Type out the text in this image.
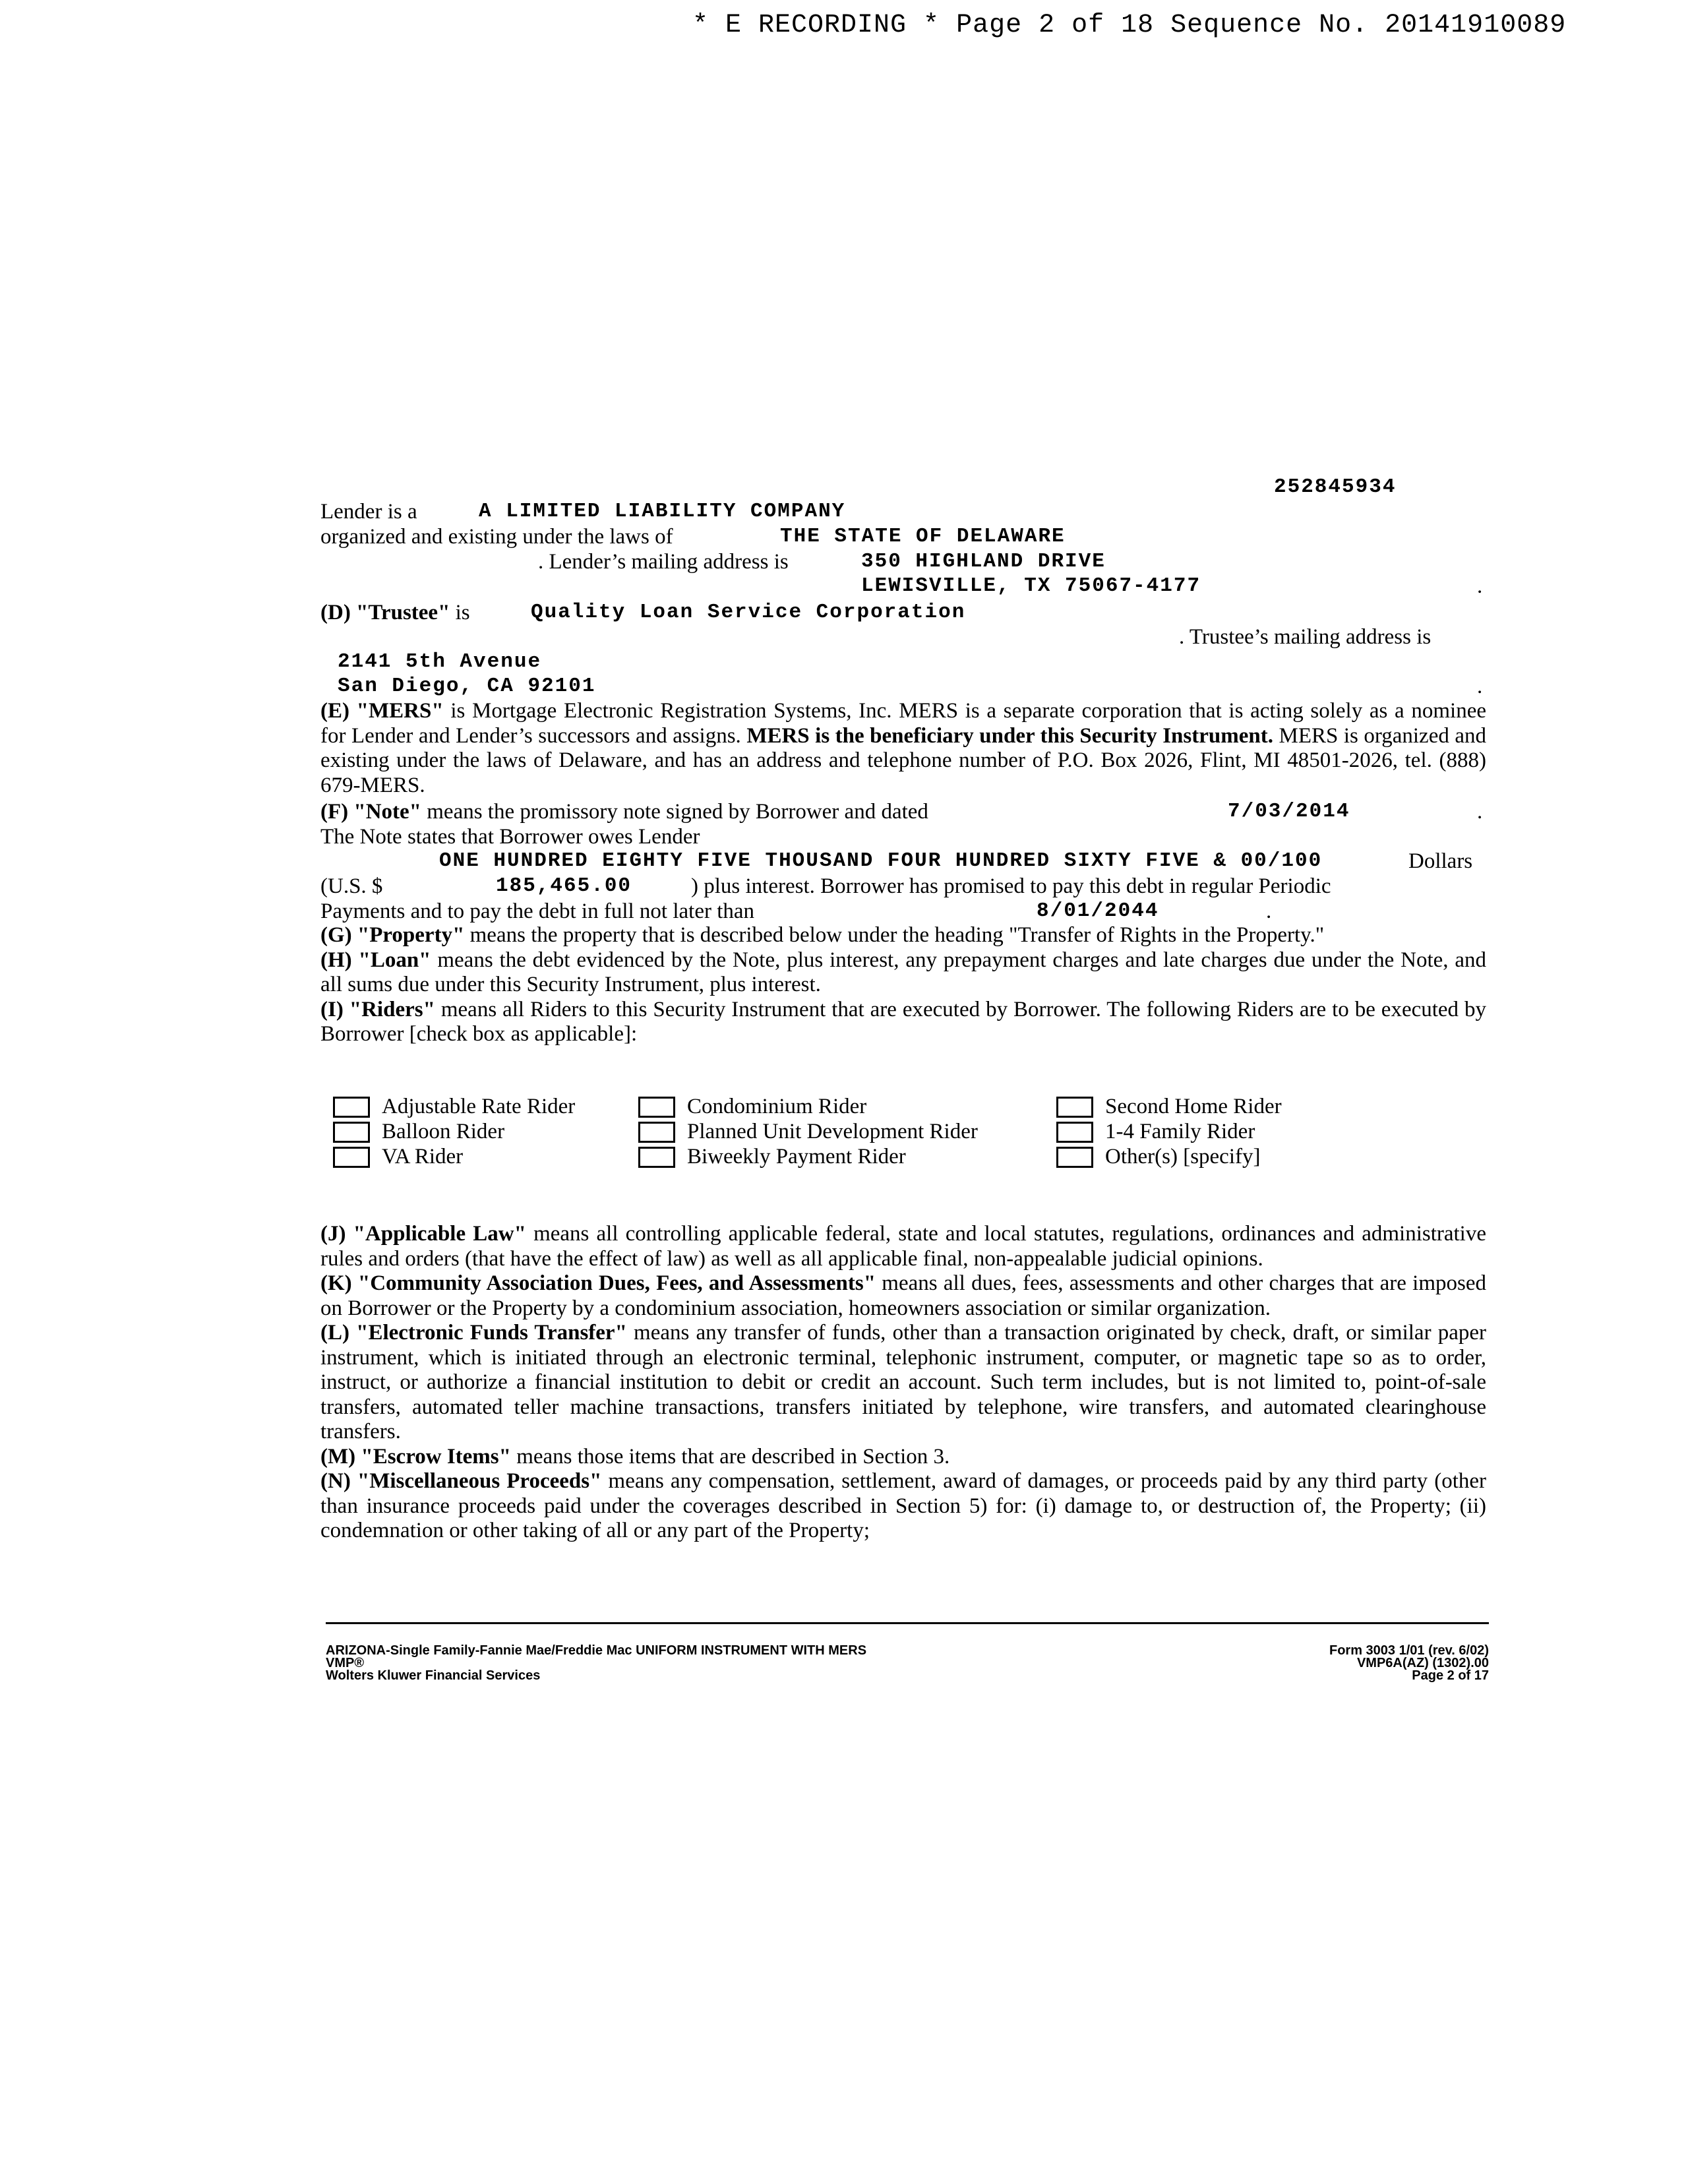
* E RECORDING * Page 2 of 18 Sequence No. 20141910089
252845934
Lender is a	A LIMITED LIABILITY COMPANY
organized and existing under the laws of	THE STATE OF DELAWARE
. Lender’s mailing address is	350 HIGHLAND DRIVE
LEWISVILLE, TX 75067-4177	.
(D) "Trustee" is	Quality Loan Service Corporation
. Trustee’s mailing address is
2141 5th Avenue
San Diego, CA 92101	.

(E) "MERS" is Mortgage Electronic Registration Systems, Inc. MERS is a separate corporation that is acting solely as a nominee for Lender and Lender’s successors and assigns. MERS is the beneficiary under this Security Instrument. MERS is organized and existing under the laws of Delaware, and has an address and telephone number of P.O. Box 2026, Flint, MI 48501-2026, tel. (888) 679-MERS.

(F) "Note" means the promissory note signed by Borrower and dated	7/03/2014	.
The Note states that Borrower owes Lender
ONE HUNDRED EIGHTY FIVE THOUSAND FOUR HUNDRED SIXTY FIVE & 00/100	Dollars
(U.S. $	185,465.00	) plus interest. Borrower has promised to pay this debt in regular Periodic
Payments and to pay the debt in full not later than	8/01/2044	.

(G) "Property" means the property that is described below under the heading "Transfer of Rights in the Property."

(H) "Loan" means the debt evidenced by the Note, plus interest, any prepayment charges and late charges due under the Note, and all sums due under this Security Instrument, plus interest.

(I) "Riders" means all Riders to this Security Instrument that are executed by Borrower. The following Riders are to be executed by Borrower [check box as applicable]:

Adjustable Rate Rider
Balloon Rider
VA Rider
Condominium Rider
Planned Unit Development Rider
Biweekly Payment Rider
Second Home Rider
1-4 Family Rider
Other(s) [specify]

(J) "Applicable Law" means all controlling applicable federal, state and local statutes, regulations, ordinances and administrative rules and orders (that have the effect of law) as well as all applicable final, non-appealable judicial opinions.

(K) "Community Association Dues, Fees, and Assessments" means all dues, fees, assessments and other charges that are imposed on Borrower or the Property by a condominium association, homeowners association or similar organization.

(L) "Electronic Funds Transfer" means any transfer of funds, other than a transaction originated by check, draft, or similar paper instrument, which is initiated through an electronic terminal, telephonic instrument, computer, or magnetic tape so as to order, instruct, or authorize a financial institution to debit or credit an account. Such term includes, but is not limited to, point-of-sale transfers, automated teller machine transactions, transfers initiated by telephone, wire transfers, and automated clearinghouse transfers.

(M) "Escrow Items" means those items that are described in Section 3.

(N) "Miscellaneous Proceeds" means any compensation, settlement, award of damages, or proceeds paid by any third party (other than insurance proceeds paid under the coverages described in Section 5) for: (i) damage to, or destruction of, the Property; (ii) condemnation or other taking of all or any part of the Property;

ARIZONA-Single Family-Fannie Mae/Freddie Mac UNIFORM INSTRUMENT WITH MERS
VMP®
Wolters Kluwer Financial Services
Form 3003 1/01 (rev. 6/02)
VMP6A(AZ) (1302).00
Page 2 of 17
